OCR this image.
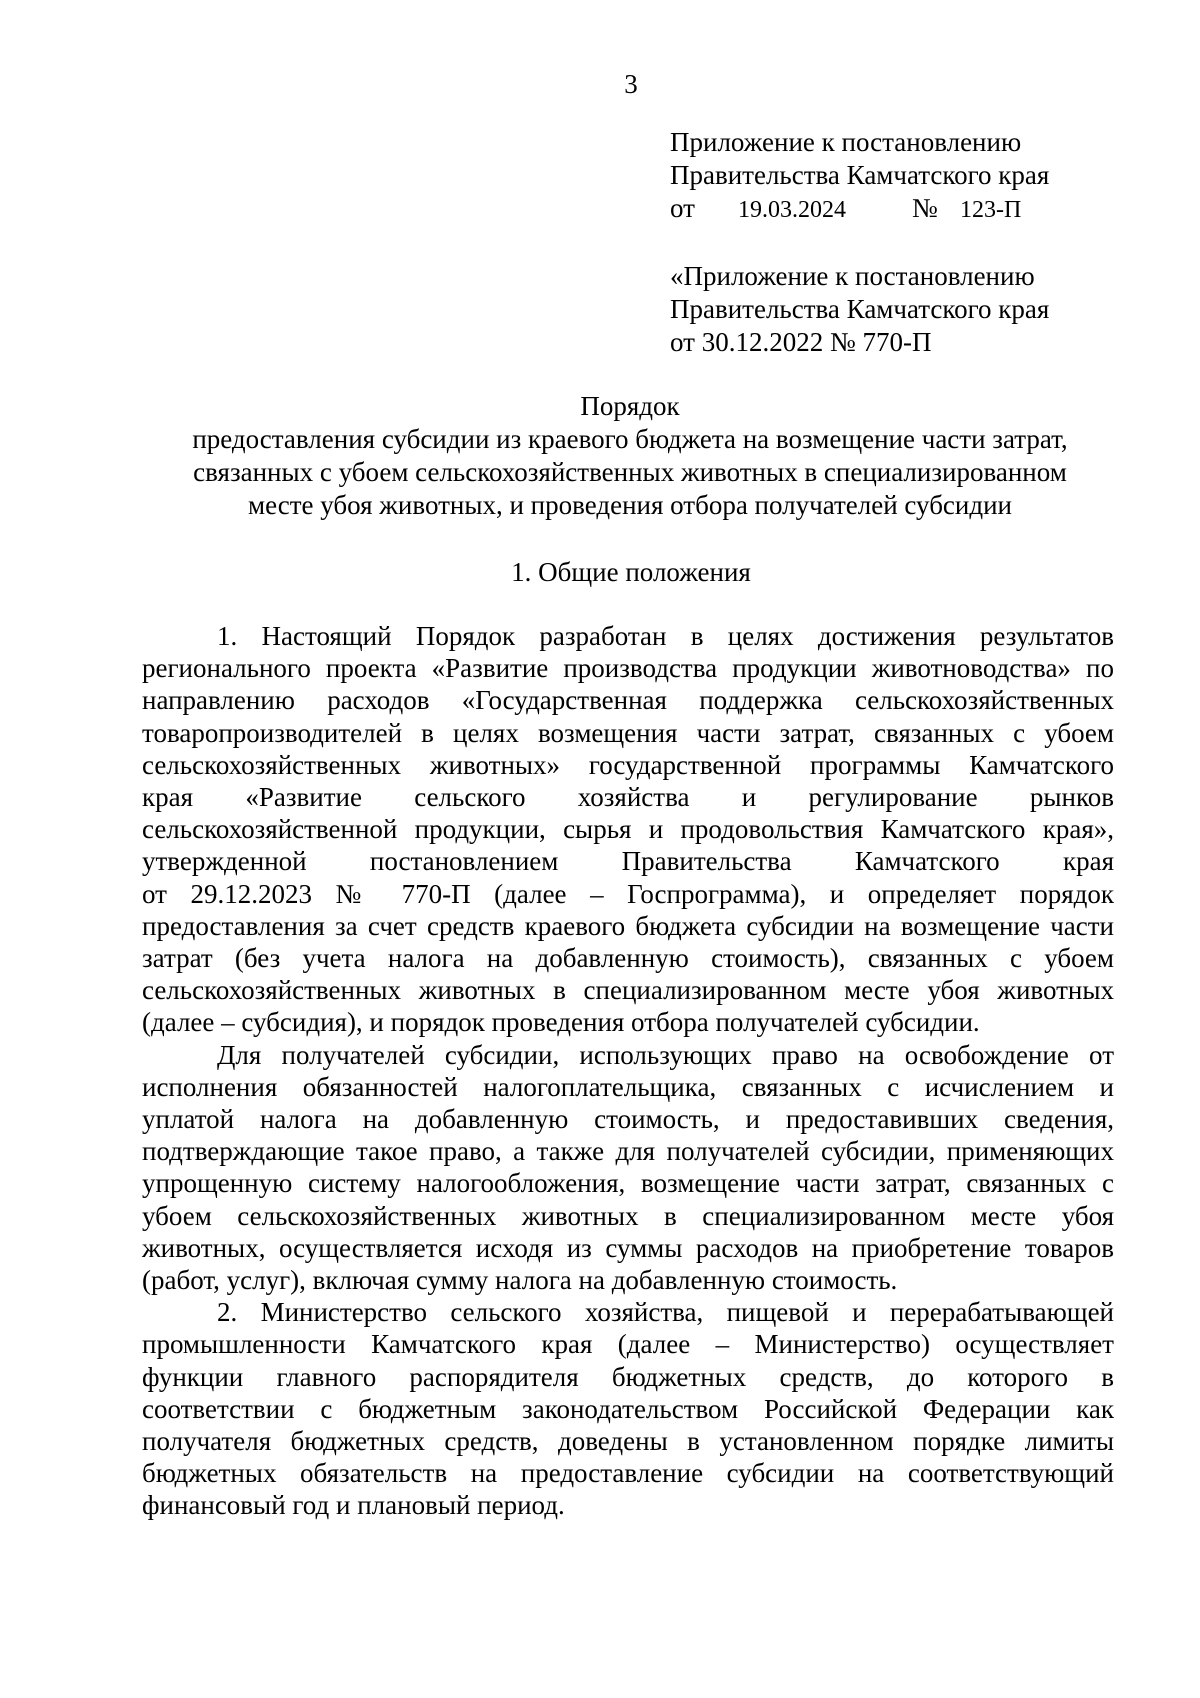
3
Приложение к постановлению
Правительства Камчатского края
от 19.03.2024 № 123-П
«Приложение к постановлению
Правительства Камчатского края
от 30.12.2022 № 770-П
Порядок
предоставления субсидии из краевого бюджета на возмещение части затрат,
связанных с убоем сельскохозяйственных животных в специализированном
месте убоя животных, и проведения отбора получателей субсидии
1. Общие положения

1. Настоящий Порядок разработан в целях достижения результатов
регионального проекта «Развитие производства продукции животноводства» по
направлению расходов «Государственная поддержка сельскохозяйственных
товаропроизводителей в целях возмещения части затрат, связанных с убоем
сельскохозяйственных животных» государственной программы Камчатского
края «Развитие сельского хозяйства и регулирование рынков
сельскохозяйственной продукции, сырья и продовольствия Камчатского края»,
утвержденной постановлением Правительства Камчатского края
от 29.12.2023 № 770-П (далее – Госпрограмма), и определяет порядок
предоставления за счет средств краевого бюджета субсидии на возмещение части
затрат (без учета налога на добавленную стоимость), связанных с убоем
сельскохозяйственных животных в специализированном месте убоя животных
(далее – субсидия), и порядок проведения отбора получателей субсидии.

Для получателей субсидии, использующих право на освобождение от
исполнения обязанностей налогоплательщика, связанных с исчислением и
уплатой налога на добавленную стоимость, и предоставивших сведения,
подтверждающие такое право, а также для получателей субсидии, применяющих
упрощенную систему налогообложения, возмещение части затрат, связанных с
убоем сельскохозяйственных животных в специализированном месте убоя
животных, осуществляется исходя из суммы расходов на приобретение товаров
(работ, услуг), включая сумму налога на добавленную стоимость.

2. Министерство сельского хозяйства, пищевой и перерабатывающей
промышленности Камчатского края (далее – Министерство) осуществляет
функции главного распорядителя бюджетных средств, до которого в
соответствии с бюджетным законодательством Российской Федерации как
получателя бюджетных средств, доведены в установленном порядке лимиты
бюджетных обязательств на предоставление субсидии на соответствующий
финансовый год и плановый период.
